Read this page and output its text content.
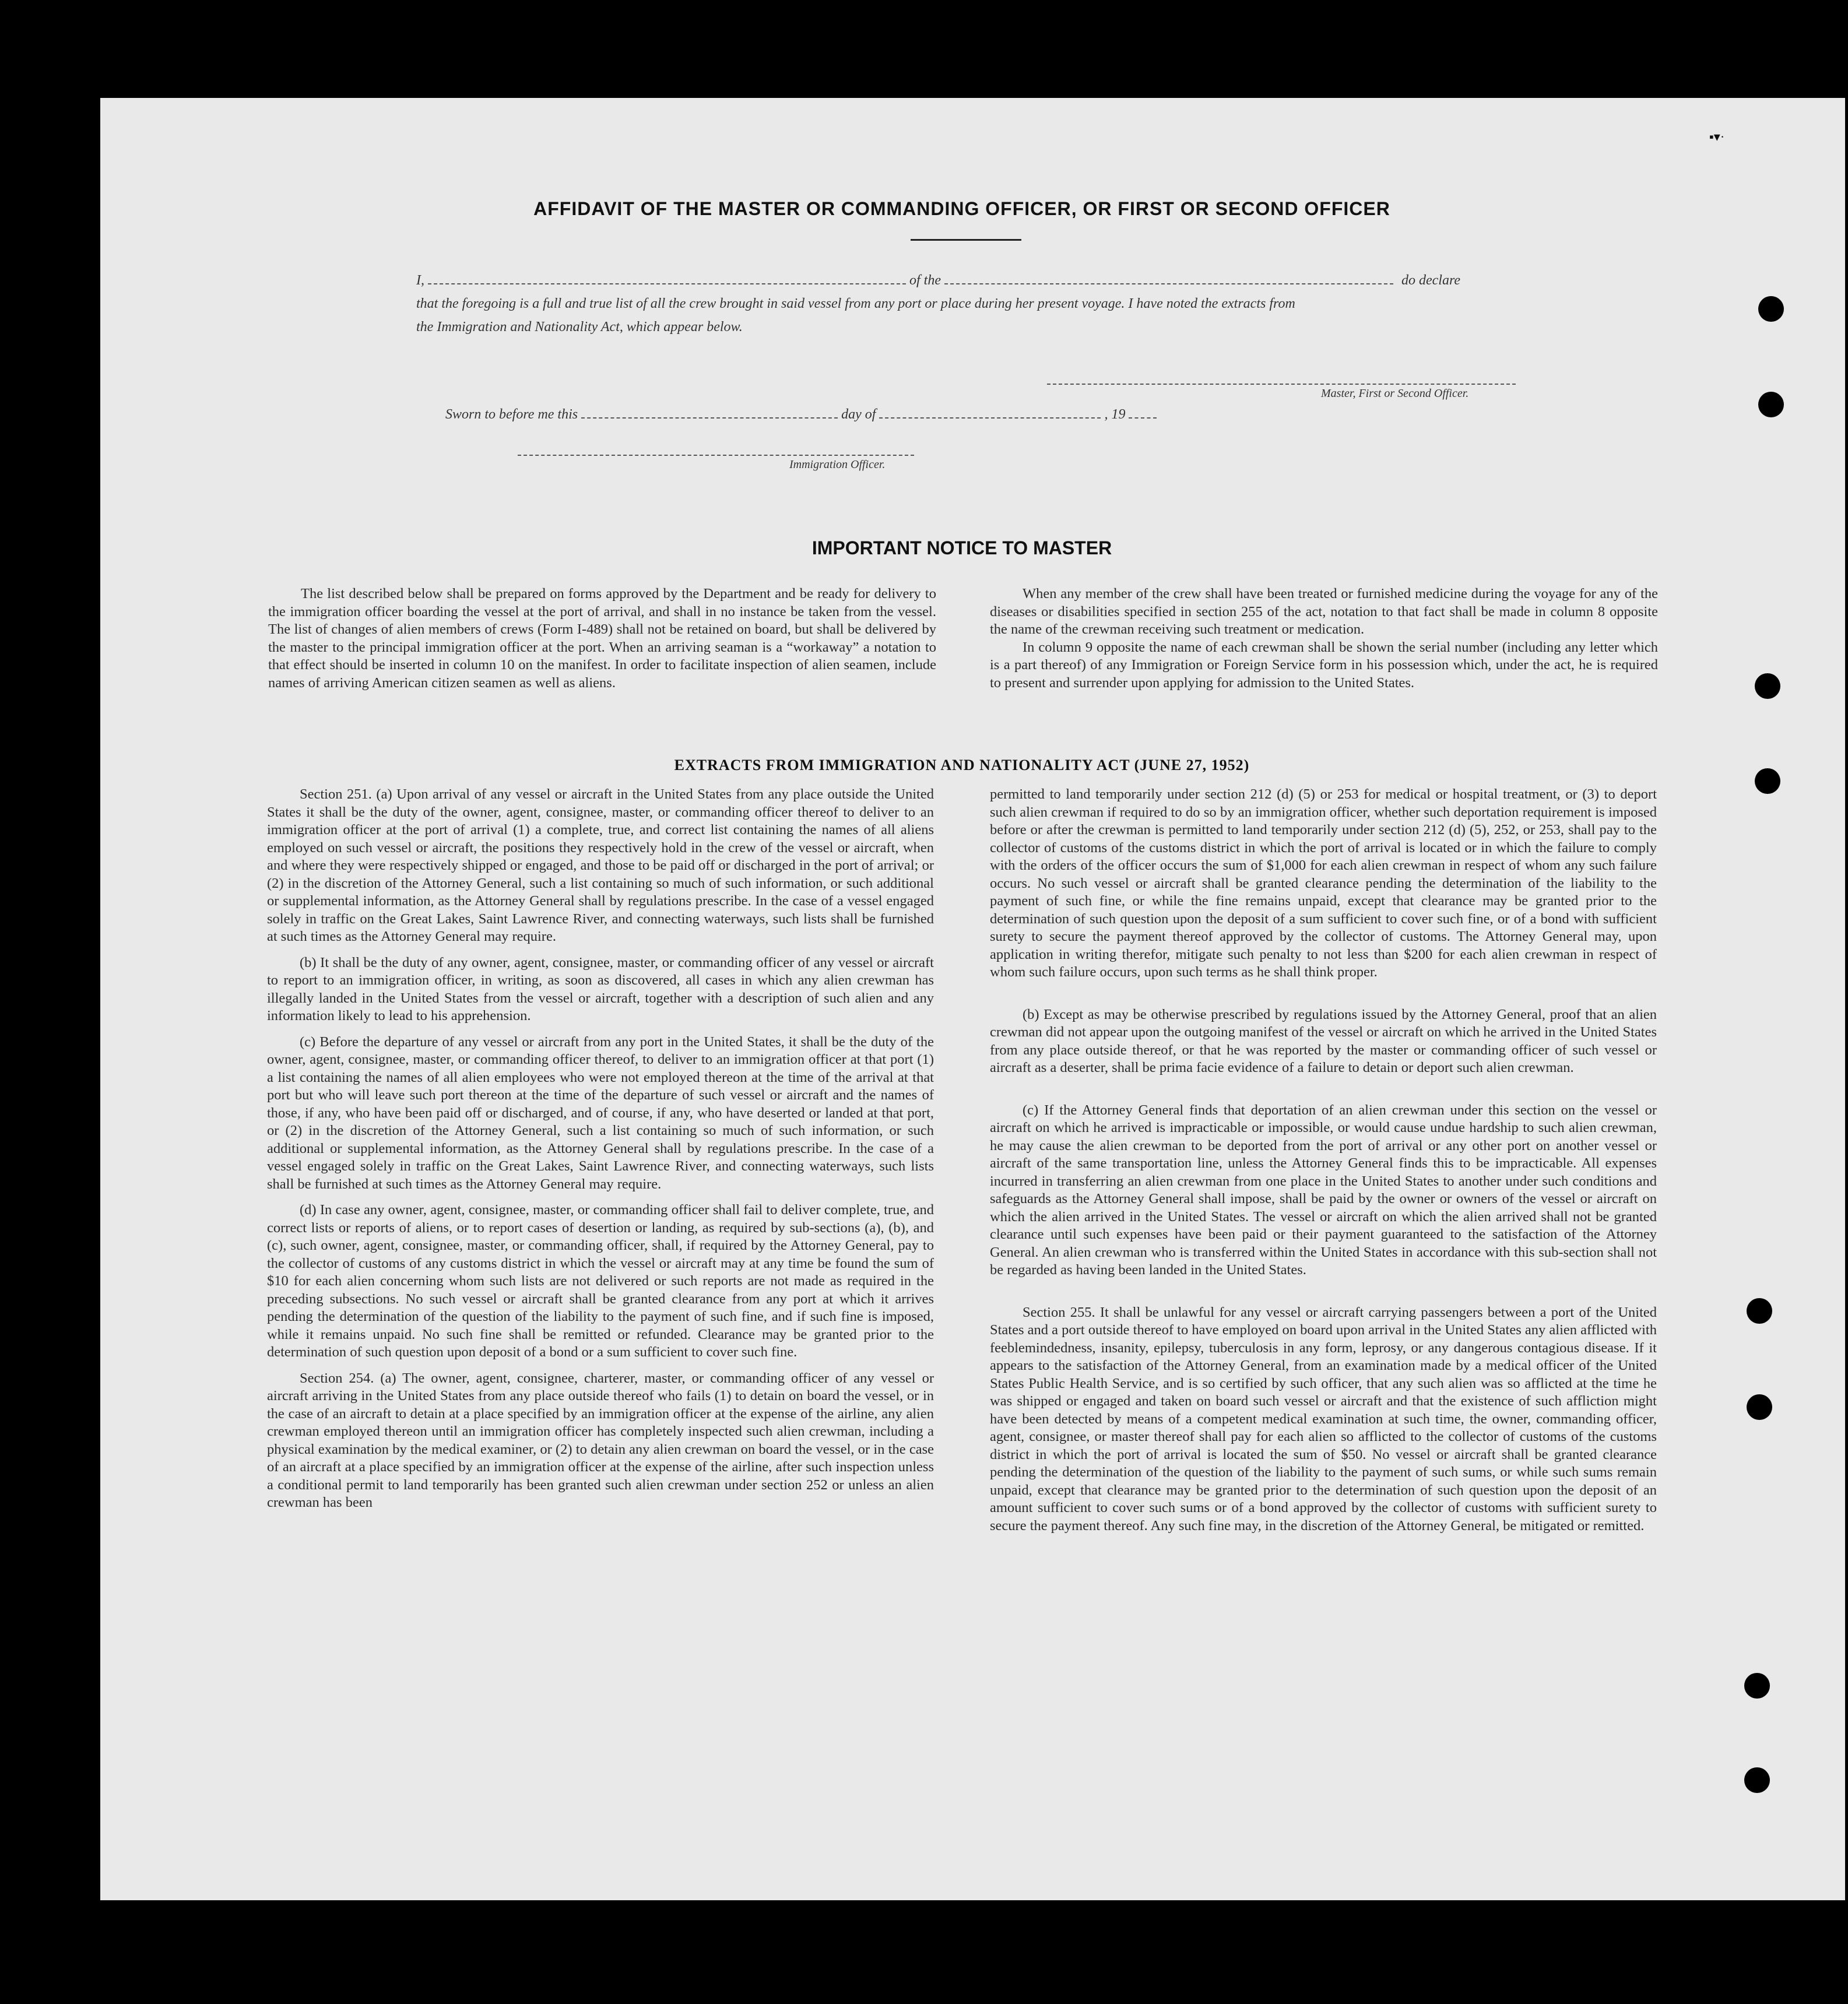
▪▾·
AFFIDAVIT OF THE MASTER OR COMMANDING OFFICER, OR FIRST OR SECOND OFFICER
I,	of the	do declare
that the foregoing is a full and true list of all the crew brought in said vessel from any port or place during her present voyage. I have noted the extracts from
the Immigration and Nationality Act, which appear below.
Master, First or Second Officer.
Sworn to before me this	day of	, 19
Immigration Officer.
IMPORTANT NOTICE TO MASTER

The list described below shall be prepared on forms approved by the Department and be ready for delivery to the immigration officer boarding the vessel at the port of arrival, and shall in no instance be taken from the vessel. The list of changes of alien members of crews (Form I-489) shall not be retained on board, but shall be delivered by the master to the principal immigration officer at the port. When an arriving seaman is a “workaway” a notation to that effect should be inserted in column 10 on the manifest. In order to facilitate inspection of alien seamen, include names of arriving American citizen seamen as well as aliens.

When any member of the crew shall have been treated or furnished medicine during the voyage for any of the diseases or disabilities specified in section 255 of the act, notation to that fact shall be made in column 8 opposite the name of the crewman receiving such treatment or medication.

In column 9 opposite the name of each crewman shall be shown the serial number (including any letter which is a part thereof) of any Immigration or Foreign Service form in his possession which, under the act, he is required to present and surrender upon applying for admission to the United States.

EXTRACTS FROM IMMIGRATION AND NATIONALITY ACT (JUNE 27, 1952)

Section 251. (a) Upon arrival of any vessel or aircraft in the United States from any place outside the United States it shall be the duty of the owner, agent, consignee, master, or commanding officer thereof to deliver to an immigration officer at the port of arrival (1) a complete, true, and correct list containing the names of all aliens employed on such vessel or aircraft, the positions they respectively hold in the crew of the vessel or aircraft, when and where they were respectively shipped or engaged, and those to be paid off or discharged in the port of arrival; or (2) in the discretion of the Attorney General, such a list containing so much of such information, or such additional or supplemental information, as the Attorney General shall by regulations prescribe. In the case of a vessel engaged solely in traffic on the Great Lakes, Saint Lawrence River, and connecting waterways, such lists shall be furnished at such times as the Attorney General may require.

(b) It shall be the duty of any owner, agent, consignee, master, or commanding officer of any vessel or aircraft to report to an immigration officer, in writing, as soon as discovered, all cases in which any alien crewman has illegally landed in the United States from the vessel or aircraft, together with a description of such alien and any information likely to lead to his apprehension.

(c) Before the departure of any vessel or aircraft from any port in the United States, it shall be the duty of the owner, agent, consignee, master, or commanding officer thereof, to deliver to an immigration officer at that port (1) a list containing the names of all alien employees who were not employed thereon at the time of the arrival at that port but who will leave such port thereon at the time of the departure of such vessel or aircraft and the names of those, if any, who have been paid off or discharged, and of course, if any, who have deserted or landed at that port, or (2) in the discretion of the Attorney General, such a list containing so much of such information, or such additional or supplemental information, as the Attorney General shall by regulations prescribe. In the case of a vessel engaged solely in traffic on the Great Lakes, Saint Lawrence River, and connecting waterways, such lists shall be furnished at such times as the Attorney General may require.

(d) In case any owner, agent, consignee, master, or commanding officer shall fail to deliver complete, true, and correct lists or reports of aliens, or to report cases of desertion or landing, as required by sub-sections (a), (b), and (c), such owner, agent, consignee, master, or commanding officer, shall, if required by the Attorney General, pay to the collector of customs of any customs district in which the vessel or aircraft may at any time be found the sum of $10 for each alien concerning whom such lists are not delivered or such reports are not made as required in the preceding subsections. No such vessel or aircraft shall be granted clearance from any port at which it arrives pending the determination of the question of the liability to the payment of such fine, and if such fine is imposed, while it remains unpaid. No such fine shall be remitted or refunded. Clearance may be granted prior to the determination of such question upon deposit of a bond or a sum sufficient to cover such fine.

Section 254. (a) The owner, agent, consignee, charterer, master, or commanding officer of any vessel or aircraft arriving in the United States from any place outside thereof who fails (1) to detain on board the vessel, or in the case of an aircraft to detain at a place specified by an immigration officer at the expense of the airline, any alien crewman employed thereon until an immigration officer has completely inspected such alien crewman, including a physical examination by the medical examiner, or (2) to detain any alien crewman on board the vessel, or in the case of an aircraft at a place specified by an immigration officer at the expense of the airline, after such inspection unless a conditional permit to land temporarily has been granted such alien crewman under section 252 or unless an alien crewman has been

permitted to land temporarily under section 212 (d) (5) or 253 for medical or hospital treatment, or (3) to deport such alien crewman if required to do so by an immigration officer, whether such deportation requirement is imposed before or after the crewman is permitted to land temporarily under section 212 (d) (5), 252, or 253, shall pay to the collector of customs of the customs district in which the port of arrival is located or in which the failure to comply with the orders of the officer occurs the sum of $1,000 for each alien crewman in respect of whom any such failure occurs. No such vessel or aircraft shall be granted clearance pending the determination of the liability to the payment of such fine, or while the fine remains unpaid, except that clearance may be granted prior to the determination of such question upon the deposit of a sum sufficient to cover such fine, or of a bond with sufficient surety to secure the payment thereof approved by the collector of customs. The Attorney General may, upon application in writing therefor, mitigate such penalty to not less than $200 for each alien crewman in respect of whom such failure occurs, upon such terms as he shall think proper.

(b) Except as may be otherwise prescribed by regulations issued by the Attorney General, proof that an alien crewman did not appear upon the outgoing manifest of the vessel or aircraft on which he arrived in the United States from any place outside thereof, or that he was reported by the master or commanding officer of such vessel or aircraft as a deserter, shall be prima facie evidence of a failure to detain or deport such alien crewman.

(c) If the Attorney General finds that deportation of an alien crewman under this section on the vessel or aircraft on which he arrived is impracticable or impossible, or would cause undue hardship to such alien crewman, he may cause the alien crewman to be deported from the port of arrival or any other port on another vessel or aircraft of the same transportation line, unless the Attorney General finds this to be impracticable. All expenses incurred in transferring an alien crewman from one place in the United States to another under such conditions and safeguards as the Attorney General shall impose, shall be paid by the owner or owners of the vessel or aircraft on which the alien arrived in the United States. The vessel or aircraft on which the alien arrived shall not be granted clearance until such expenses have been paid or their payment guaranteed to the satisfaction of the Attorney General. An alien crewman who is transferred within the United States in accordance with this sub-section shall not be regarded as having been landed in the United States.

Section 255. It shall be unlawful for any vessel or aircraft carrying passengers between a port of the United States and a port outside thereof to have employed on board upon arrival in the United States any alien afflicted with feeblemindedness, insanity, epilepsy, tuberculosis in any form, leprosy, or any dangerous contagious disease. If it appears to the satisfaction of the Attorney General, from an examination made by a medical officer of the United States Public Health Service, and is so certified by such officer, that any such alien was so afflicted at the time he was shipped or engaged and taken on board such vessel or aircraft and that the existence of such affliction might have been detected by means of a competent medical examination at such time, the owner, commanding officer, agent, consignee, or master thereof shall pay for each alien so afflicted to the collector of customs of the customs district in which the port of arrival is located the sum of $50. No vessel or aircraft shall be granted clearance pending the determination of the question of the liability to the payment of such sums, or while such sums remain unpaid, except that clearance may be granted prior to the determination of such question upon the deposit of an amount sufficient to cover such sums or of a bond approved by the collector of customs with sufficient surety to secure the payment thereof. Any such fine may, in the discretion of the Attorney General, be mitigated or remitted.
